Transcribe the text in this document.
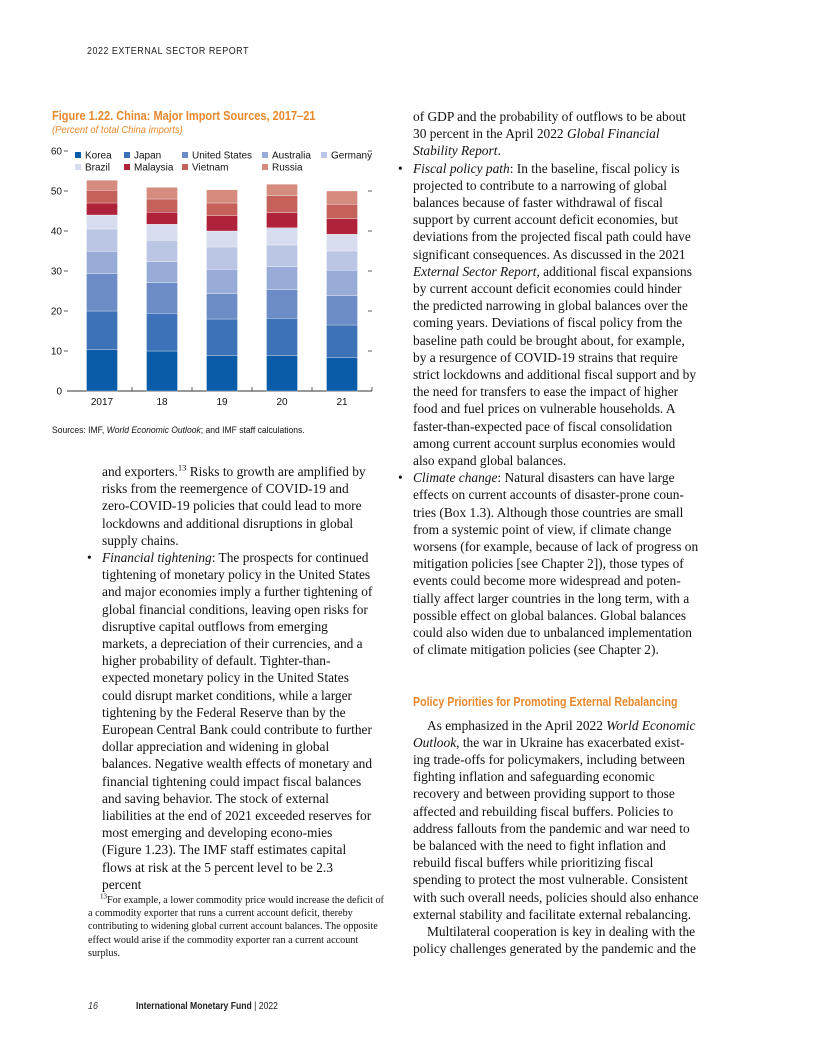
2022 EXTERNAL SECTOR REPORT
Figure 1.22. China: Major Import Sources, 2017–21
(Percent of total China imports)
Korea Japan	United States Australia Germany
Brazil Malaysia Vietnam	Russia
0
10
20
30
40
50
60
2017	18	19	20	21
Sources: IMF, World Economic Outlook; and IMF staff calculations.

and exporters.$^{13}$ Risks to growth are amplified by risks from the reemergence of COVID-19 and zero-COVID-19 policies that could lead to more lockdowns and additional disruptions in global supply chains.

• Financial tightening: The prospects for continued tightening of monetary policy in the United States and major economies imply a further tightening of global financial conditions, leaving open risks for disruptive capital outflows from emerging markets, a depreciation of their currencies, and a higher probability of default. Tighter-than-expected monetary policy in the United States could disrupt market conditions, while a larger tightening by the Federal Reserve than by the European Central Bank could contribute to further dollar appreciation and widening in global balances. Negative wealth effects of monetary and financial tightening could impact fiscal balances and saving behavior. The stock of external liabilities at the end of 2021 exceeded reserves for most emerging and developing econo-mies (Figure 1.23). The IMF staff estimates capital flows at risk at the 5 percent level to be 2.3 percent

$^{13}$For example, a lower commodity price would increase the deficit of a commodity exporter that runs a current account deficit, thereby contributing to widening global current account balances. The opposite effect would arise if the commodity exporter ran a current account surplus.

of GDP and the probability of outflows to be about 30 percent in the April 2022 Global Financial Stability Report.

• Fiscal policy path: In the baseline, fiscal policy is projected to contribute to a narrowing of global balances because of faster withdrawal of fiscal support by current account deficit economies, but deviations from the projected fiscal path could have significant consequences. As discussed in the 2021 External Sector Report, additional fiscal expansions by current account deficit economies could hinder the predicted narrowing in global balances over the coming years. Deviations of fiscal policy from the baseline path could be brought about, for example, by a resurgence of COVID-19 strains that require strict lockdowns and additional fiscal support and by the need for transfers to ease the impact of higher food and fuel prices on vulnerable households. A faster-than-expected pace of fiscal consolidation among current account surplus economies would also expand global balances.

• Climate change: Natural disasters can have large effects on current accounts of disaster-prone coun-tries (Box 1.3). Although those countries are small from a systemic point of view, if climate change worsens (for example, because of lack of progress on mitigation policies [see Chapter 2]), those types of events could become more widespread and poten-tially affect larger countries in the long term, with a possible effect on global balances. Global balances could also widen due to unbalanced implementation of climate mitigation policies (see Chapter 2).

Policy Priorities for Promoting External Rebalancing

As emphasized in the April 2022 World Economic Outlook, the war in Ukraine has exacerbated exist-ing trade-offs for policymakers, including between fighting inflation and safeguarding economic recovery and between providing support to those affected and rebuilding fiscal buffers. Policies to address fallouts from the pandemic and war need to be balanced with the need to fight inflation and rebuild fiscal buffers while prioritizing fiscal spending to protect the most vulnerable. Consistent with such overall needs, policies should also enhance external stability and facilitate external rebalancing.

Multilateral cooperation is key in dealing with the policy challenges generated by the pandemic and the

16	International Monetary Fund | 2022
